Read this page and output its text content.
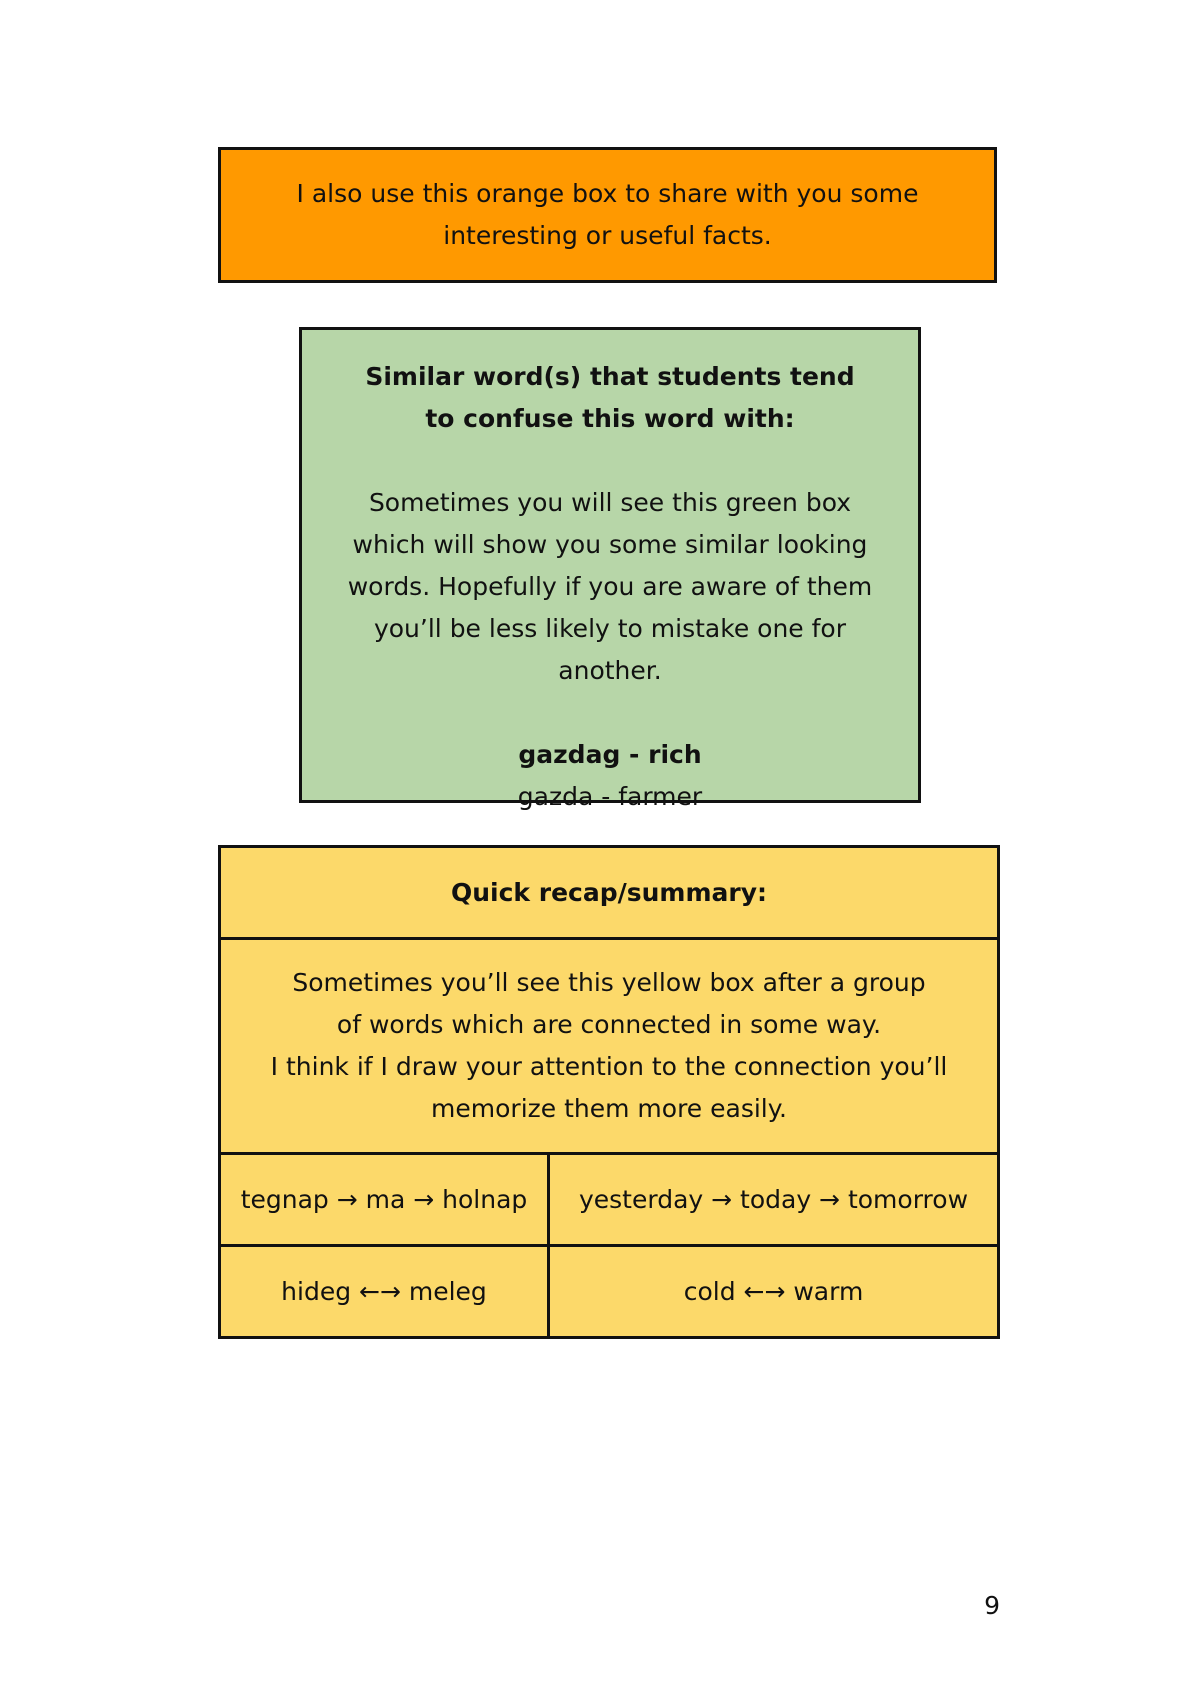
I also use this orange box to share with you some interesting or useful facts.

Similar word(s) that students tend to confuse this word with:

Sometimes you will see this green box which will show you some similar looking words. Hopefully if you are aware of them you’ll be less likely to mistake one for another.

gazdag - rich

gazda - farmer

Quick recap/summary:	

Sometimes you’ll see this yellow box after a group of words which are connected in some way.
I think if I draw your attention to the connection you’ll memorize them more easily.	

tegnap → ma → holnap	yesterday → today → tomorrow
hideg ←→ meleg	cold ←→ warm
9
